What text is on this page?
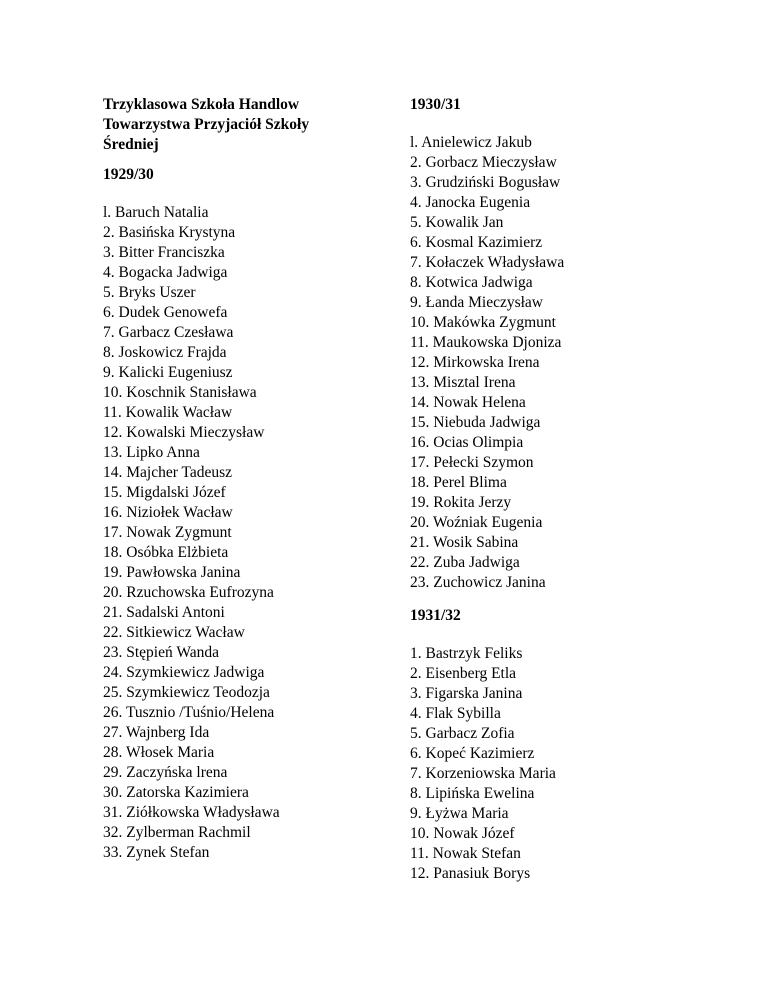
Trzyklasowa Szkoła Handlow Towarzystwa Przyjaciół Szkoły Średniej
1929/30
l. Baruch Natalia
2. Basińska Krystyna
3. Bitter Franciszka
4. Bogacka Jadwiga
5. Bryks Uszer
6. Dudek Genowefa
7. Garbacz Czesława
8. Joskowicz Frajda
9. Kalicki Eugeniusz
10. Koschnik Stanisława
11. Kowalik Wacław
12. Kowalski Mieczysław
13. Lipko Anna
14. Majcher Tadeusz
15. Migdalski Józef
16. Niziołek Wacław
17. Nowak Zygmunt
18. Osóbka Elżbieta
19. Pawłowska Janina
20. Rzuchowska Eufrozyna
21. Sadalski Antoni
22. Sitkiewicz Wacław
23. Stępień Wanda
24. Szymkiewicz Jadwiga
25. Szymkiewicz Teodozja
26. Tusznio /Tuśnio/Helena
27. Wajnberg Ida
28. Włosek Maria
29. Zaczyńska lrena
30. Zatorska Kazimiera
31. Ziółkowska Władysława
32. Zylberman Rachmil
33. Zynek Stefan
1930/31
l. Anielewicz Jakub
2. Gorbacz Mieczysław
3. Grudziński Bogusław
4. Janocka Eugenia
5. Kowalik Jan
6. Kosmal Kazimierz
7. Kołaczek Władysława
8. Kotwica Jadwiga
9. Łanda Mieczysław
10. Makówka Zygmunt
11. Maukowska Djoniza
12. Mirkowska Irena
13. Misztal Irena
14. Nowak Helena
15. Niebuda Jadwiga
16. Ocias Olimpia
17. Pełecki Szymon
18. Perel Blima
19. Rokita Jerzy
20. Woźniak Eugenia
21. Wosik Sabina
22. Zuba Jadwiga
23. Zuchowicz Janina
1931/32
1. Bastrzyk Feliks
2. Eisenberg Etla
3. Figarska Janina
4. Flak Sybilla
5. Garbacz Zofia
6. Kopeć Kazimierz
7. Korzeniowska Maria
8. Lipińska Ewelina
9. Łyżwa Maria
10. Nowak Józef
11. Nowak Stefan
12. Panasiuk Borys
